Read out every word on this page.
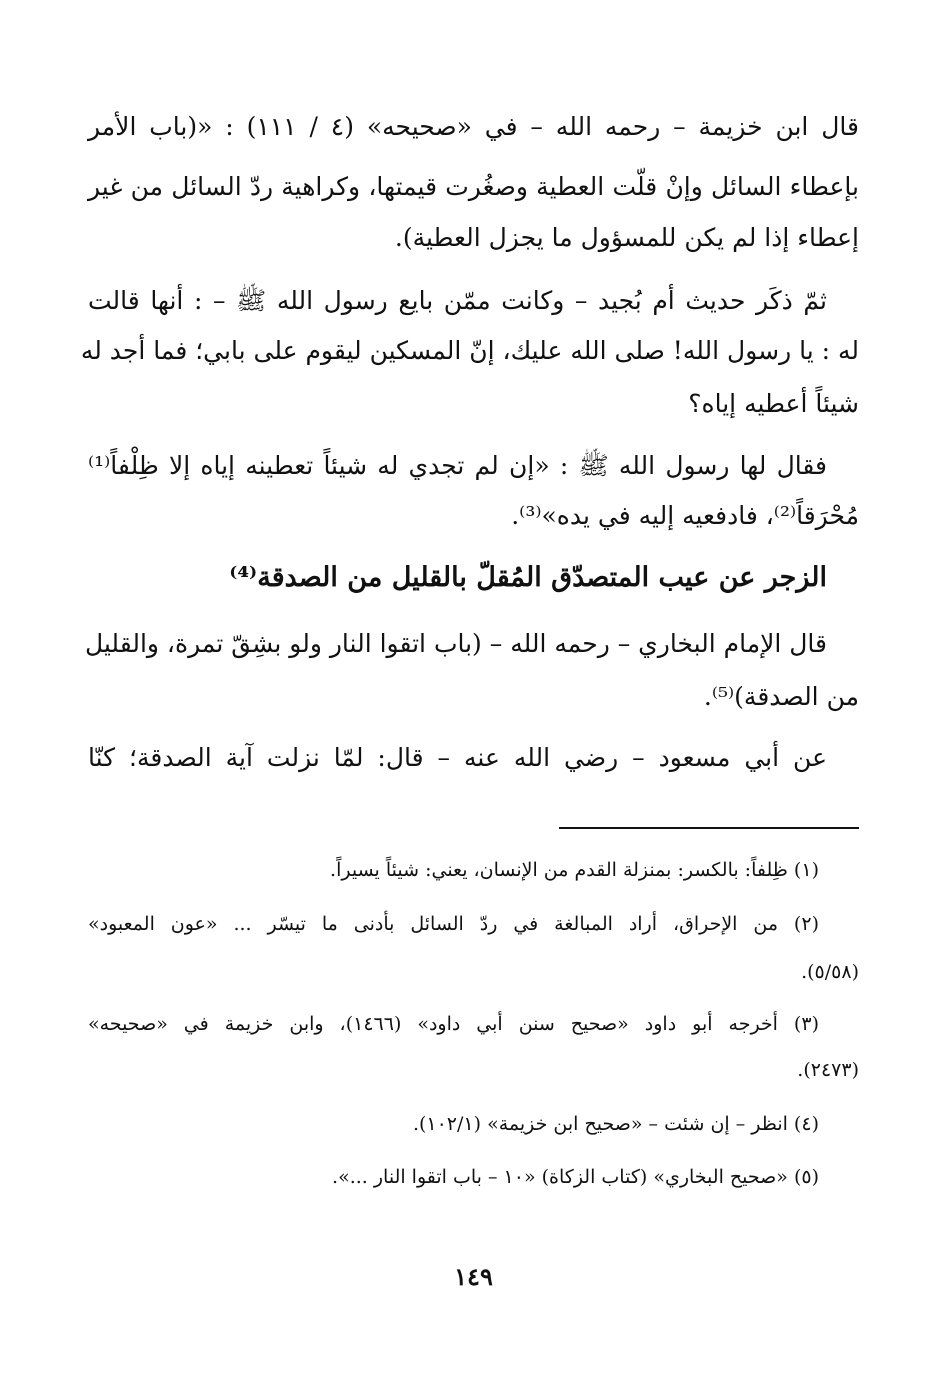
قال ابن خزيمة – رحمه الله – في «صحيحه» (٤ / ١١١) : «(باب الأمر
بإعطاء السائل وإنْ قلّت العطية وصغُرت قيمتها، وكراهية ردّ السائل من غير
إعطاء إذا لم يكن للمسؤول ما يجزل العطية).
ثمّ ذكَر حديث أم بُجيد – وكانت ممّن بايع رسول الله ﷺ – : أنها قالت
له : يا رسول الله! صلى الله عليك، إنّ المسكين ليقوم على بابي؛ فما أجد له
شيئاً أعطيه إياه؟
فقال لها رسول الله ﷺ : «إن لم تجدي له شيئاً تعطينه إياه إلا ظِلْفاً⁽¹⁾
مُحْرَقاً⁽²⁾، فادفعيه إليه في يده»⁽³⁾.
الزجر عن عيب المتصدّق المُقلّ بالقليل من الصدقة⁽⁴⁾
قال الإمام البخاري – رحمه الله – (باب اتقوا النار ولو بشِقّ تمرة، والقليل
من الصدقة)⁽⁵⁾.
عن أبي مسعود – رضي الله عنه – قال: لمّا نزلت آية الصدقة؛ كنّا
(١) ظِلفاً: بالكسر: بمنزلة القدم من الإنسان، يعني: شيئاً يسيراً.
(٢) من الإحراق، أراد المبالغة في ردّ السائل بأدنى ما تيسّر ... «عون المعبود»
(٥/٥٨).
(٣) أخرجه أبو داود «صحيح سنن أبي داود» (١٤٦٦)، وابن خزيمة في «صحيحه»
(٢٤٧٣).
(٤) انظر – إن شئت – «صحيح ابن خزيمة» (١٠٢/١).
(٥) «صحيح البخاري» (كتاب الزكاة) «١٠ – باب اتقوا النار ...».
١٤٩
